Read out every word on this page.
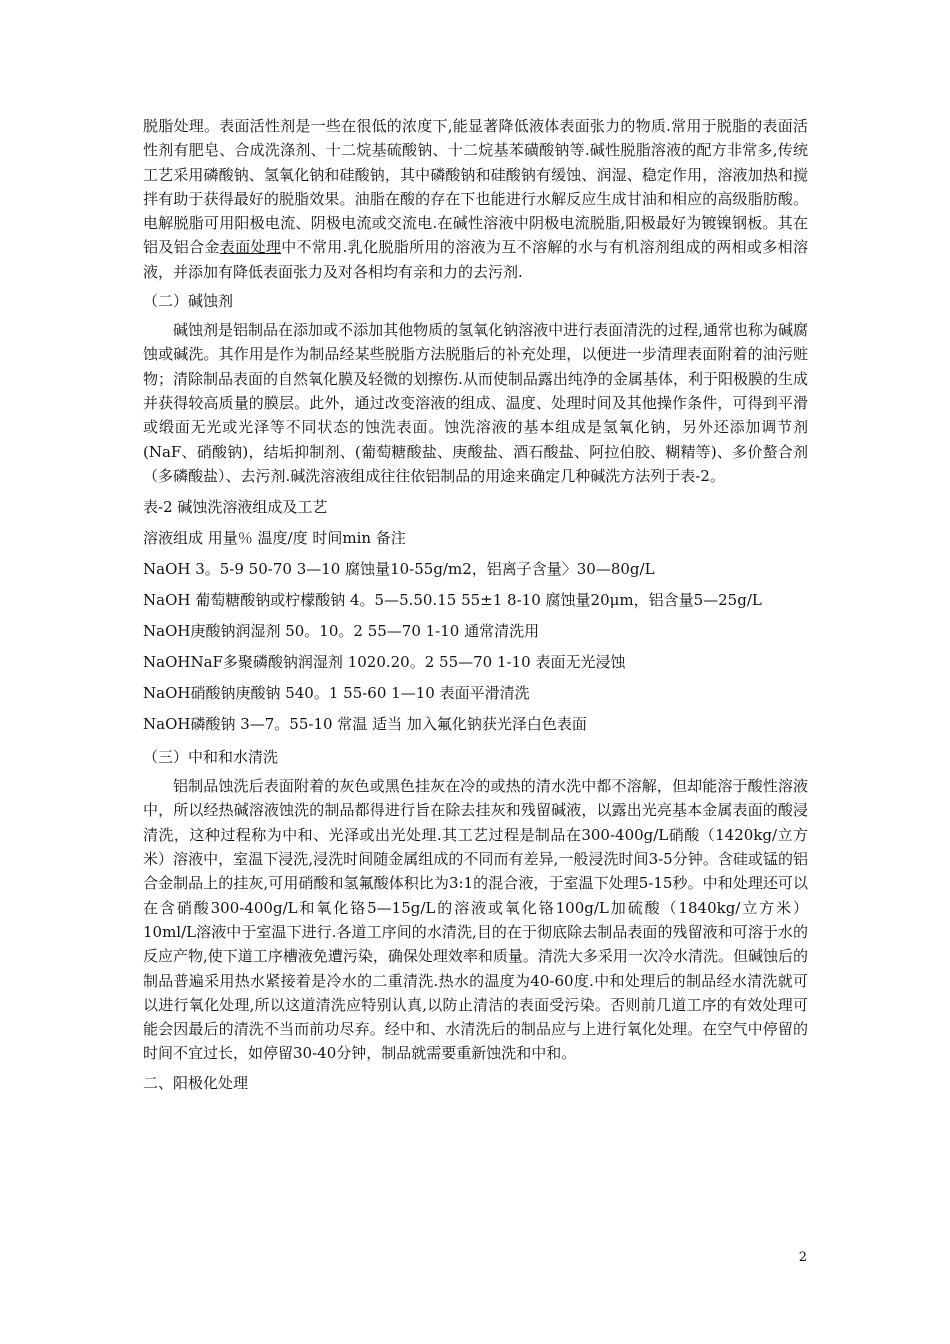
脱脂处理。表面活性剂是一些在很低的浓度下,能显著降低液体表面张力的物质.常用于脱脂的表面活性剂有肥皂、合成洗涤剂、十二烷基硫酸钠、十二烷基苯磺酸钠等.碱性脱脂溶液的配方非常多,传统工艺采用磷酸钠、氢氧化钠和硅酸钠，其中磷酸钠和硅酸钠有缓蚀、润湿、稳定作用，溶液加热和搅拌有助于获得最好的脱脂效果。油脂在酸的存在下也能进行水解反应生成甘油和相应的高级脂肪酸。电解脱脂可用阳极电流、阴极电流或交流电.在碱性溶液中阴极电流脱脂,阳极最好为镀镍钢板。其在铝及铝合金表面处理中不常用.乳化脱脂所用的溶液为互不溶解的水与有机溶剂组成的两相或多相溶液，并添加有降低表面张力及对各相均有亲和力的去污剂.

（二）碱蚀剂

碱蚀剂是铝制品在添加或不添加其他物质的氢氧化钠溶液中进行表面清洗的过程,通常也称为碱腐蚀或碱洗。其作用是作为制品经某些脱脂方法脱脂后的补充处理，以便进一步清理表面附着的油污赃物；清除制品表面的自然氧化膜及轻微的划擦伤.从而使制品露出纯净的金属基体，利于阳极膜的生成并获得较高质量的膜层。此外，通过改变溶液的组成、温度、处理时间及其他操作条件，可得到平滑或缎面无光或光泽等不同状态的蚀洗表面。蚀洗溶液的基本组成是氢氧化钠，另外还添加调节剂(NaF、硝酸钠)，结垢抑制剂、(葡萄糖酸盐、庚酸盐、酒石酸盐、阿拉伯胶、糊精等)、多价螯合剂（多磷酸盐）、去污剂.碱洗溶液组成往往依铝制品的用途来确定几种碱洗方法列于表-2。

表-2 碱蚀洗溶液组成及工艺

溶液组成 用量％ 温度/度 时间min 备注

NaOH 3。5-9 50-70 3—10 腐蚀量10-55g/m2，铝离子含量〉30—80g/L

NaOH 葡萄糖酸钠或柠檬酸钠 4。5—5.50.15 55±1 8-10 腐蚀量20μm，铝含量5—25g/L

NaOH庚酸钠润湿剂 50。10。2 55—70 1-10 通常清洗用

NaOHNaF多聚磷酸钠润湿剂 1020.20。2 55—70 1-10 表面无光浸蚀

NaOH硝酸钠庚酸钠 540。1 55-60 1—10 表面平滑清洗

NaOH磷酸钠 3—7。55-10 常温 适当 加入氟化钠获光泽白色表面

（三）中和和水清洗

铝制品蚀洗后表面附着的灰色或黑色挂灰在冷的或热的清水洗中都不溶解，但却能溶于酸性溶液中，所以经热碱溶液蚀洗的制品都得进行旨在除去挂灰和残留碱液，以露出光亮基本金属表面的酸浸清洗，这种过程称为中和、光泽或出光处理.其工艺过程是制品在300-400g/L硝酸（1420kg/立方米）溶液中，室温下浸洗,浸洗时间随金属组成的不同而有差异,一般浸洗时间3-5分钟。含硅或锰的铝合金制品上的挂灰,可用硝酸和氢氟酸体积比为3:1的混合液，于室温下处理5-15秒。中和处理还可以在含硝酸300-400g/L和氧化铬5—15g/L的溶液或氧化铬100g/L加硫酸（1840kg/立方米）10ml/L溶液中于室温下进行.各道工序间的水清洗,目的在于彻底除去制品表面的残留液和可溶于水的反应产物,使下道工序槽液免遭污染，确保处理效率和质量。清洗大多采用一次冷水清洗。但碱蚀后的制品普遍采用热水紧接着是冷水的二重清洗.热水的温度为40-60度.中和处理后的制品经水清洗就可以进行氧化处理,所以这道清洗应特别认真,以防止清洁的表面受污染。否则前几道工序的有效处理可能会因最后的清洗不当而前功尽弃。经中和、水清洗后的制品应与上进行氧化处理。在空气中停留的时间不宜过长，如停留30-40分钟，制品就需要重新蚀洗和中和。

二、阳极化处理

2
